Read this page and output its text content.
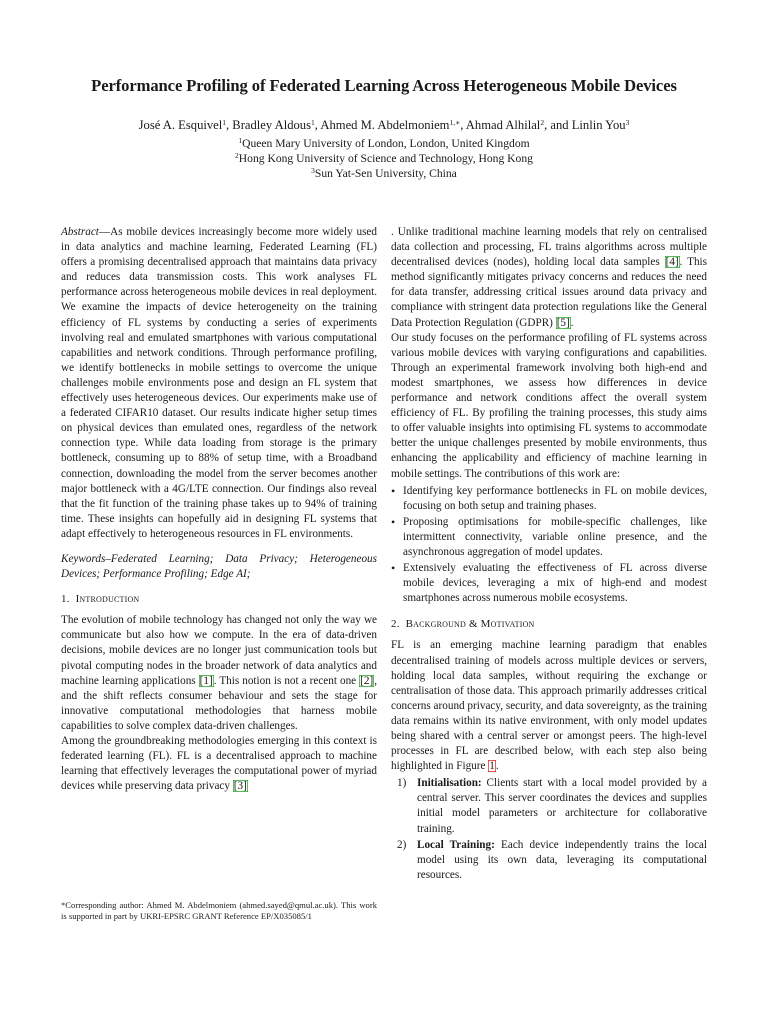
Performance Profiling of Federated Learning Across Heterogeneous Mobile Devices

José A. Esquivel$^1$, Bradley Aldous$^1$, Ahmed M. Abdelmoniem$^{1,∗}$, Ahmad Alhilal$^2$, and Linlin You$^3$

$^1$Queen Mary University of London, London, United Kingdom
$^2$Hong Kong University of Science and Technology, Hong Kong
$^3$Sun Yat-Sen University, China

Abstract—As mobile devices increasingly become more widely used in data analytics and machine learning, Federated Learning (FL) offers a promising decentralised approach that maintains data privacy and reduces data transmission costs. This work analyses FL performance across heterogeneous mobile devices in real deployment. We examine the impacts of device heterogeneity on the training efficiency of FL systems by conducting a series of experiments involving real and emulated smartphones with various computational capabilities and network conditions. Through performance profiling, we identify bottlenecks in mobile settings to overcome the unique challenges mobile environments pose and design an FL system that effectively uses heterogeneous devices. Our experiments make use of a federated CIFAR10 dataset. Our results indicate higher setup times on physical devices than emulated ones, regardless of the network connection type. While data loading from storage is the primary bottleneck, consuming up to 88% of setup time, with a Broadband connection, downloading the model from the server becomes another major bottleneck with a 4G/LTE connection. Our findings also reveal that the fit function of the training phase takes up to 94% of training time. These insights can hopefully aid in designing FL systems that adapt effectively to heterogeneous resources in FL environments.

Keywords–Federated Learning; Data Privacy; Heterogeneous Devices; Performance Profiling; Edge AI;

1. Introduction

The evolution of mobile technology has changed not only the way we communicate but also how we compute. In the era of data-driven decisions, mobile devices are no longer just communication tools but pivotal computing nodes in the broader network of data analytics and machine learning applications [1]. This notion is not a recent one [2], and the shift reflects consumer behaviour and sets the stage for innovative computational methodologies that harness mobile capabilities to solve complex data-driven challenges.

Among the groundbreaking methodologies emerging in this context is federated learning (FL). FL is a decentralised approach to machine learning that effectively leverages the computational power of myriad devices while preserving data privacy [3]

*Corresponding author: Ahmed M. Abdelmoniem (ahmed.sayed@qmul.ac.uk). This work is supported in part by UKRI-EPSRC GRANT Reference EP/X035085/1

. Unlike traditional machine learning models that rely on centralised data collection and processing, FL trains algorithms across multiple decentralised devices (nodes), holding local data samples [4]. This method significantly mitigates privacy concerns and reduces the need for data transfer, addressing critical issues around data privacy and compliance with stringent data protection regulations like the General Data Protection Regulation (GDPR) [5].

Our study focuses on the performance profiling of FL systems across various mobile devices with varying configurations and capabilities. Through an experimental framework involving both high-end and modest smartphones, we assess how differences in device performance and network conditions affect the overall system efficiency of FL. By profiling the training processes, this study aims to offer valuable insights into optimising FL systems to accommodate better the unique challenges presented by mobile environments, thus enhancing the applicability and efficiency of machine learning in mobile settings. The contributions of this work are:

• Identifying key performance bottlenecks in FL on mobile devices, focusing on both setup and training phases.
• Proposing optimisations for mobile-specific challenges, like intermittent connectivity, variable online presence, and the asynchronous aggregation of model updates.
• Extensively evaluating the effectiveness of FL across diverse mobile devices, leveraging a mix of high-end and modest smartphones across numerous mobile ecosystems.

2. Background & Motivation

FL is an emerging machine learning paradigm that enables decentralised training of models across multiple devices or servers, holding local data samples, without requiring the exchange or centralisation of those data. This approach primarily addresses critical concerns around privacy, security, and data sovereignty, as the training data remains within its native environment, with only model updates being shared with a central server or amongst peers. The high-level processes in FL are described below, with each step also being highlighted in Figure 1.

1) Initialisation: Clients start with a local model provided by a central server. This server coordinates the devices and supplies initial model parameters or architecture for collaborative training.
2) Local Training: Each device independently trains the local model using its own data, leveraging its computational resources.
